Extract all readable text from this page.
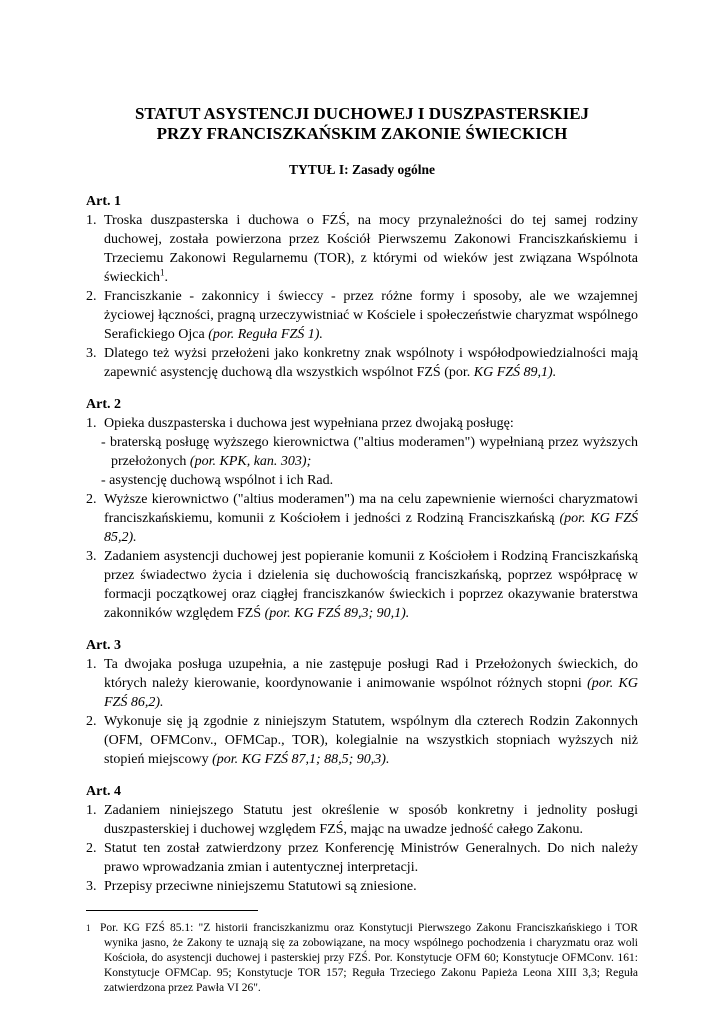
STATUT ASYSTENCJI DUCHOWEJ I DUSZPASTERSKIEJ
PRZY FRANCISZKAŃSKIM ZAKONIE ŚWIECKICH
TYTUŁ I: Zasady ogólne
Art. 1
1. Troska duszpasterska i duchowa o FZŚ, na mocy przynależności do tej samej rodziny duchowej, została powierzona przez Kościół Pierwszemu Zakonowi Franciszkańskiemu i Trzeciemu Zakonowi Regularnemu (TOR), z którymi od wieków jest związana Wspólnota świeckich$^1$.
2. Franciszkanie - zakonnicy i świeccy - przez różne formy i sposoby, ale we wzajemnej życiowej łączności, pragną urzeczywistniać w Kościele i społeczeństwie charyzmat wspólnego Serafickiego Ojca (por. Reguła FZŚ 1).
3. Dlatego też wyżsi przełożeni jako konkretny znak wspólnoty i współodpowiedzialności mają zapewnić asystencję duchową dla wszystkich wspólnot FZŚ (por. KG FZŚ 89,1).
Art. 2
1. Opieka duszpasterska i duchowa jest wypełniana przez dwojaką posługę:
- braterską posługę wyższego kierownictwa ("altius moderamen") wypełnianą przez wyższych przełożonych (por. KPK, kan. 303);
- asystencję duchową wspólnot i ich Rad.
2. Wyższe kierownictwo ("altius moderamen") ma na celu zapewnienie wierności charyzmatowi franciszkańskiemu, komunii z Kościołem i jedności z Rodziną Franciszkańską (por. KG FZŚ 85,2).
3. Zadaniem asystencji duchowej jest popieranie komunii z Kościołem i Rodziną Franciszkańską przez świadectwo życia i dzielenia się duchowością franciszkańską, poprzez współpracę w formacji początkowej oraz ciągłej franciszkanów świeckich i poprzez okazywanie braterstwa zakonników względem FZŚ (por. KG FZŚ 89,3; 90,1).
Art. 3
1. Ta dwojaka posługa uzupełnia, a nie zastępuje posługi Rad i Przełożonych świeckich, do których należy kierowanie, koordynowanie i animowanie wspólnot różnych stopni (por. KG FZŚ 86,2).
2. Wykonuje się ją zgodnie z niniejszym Statutem, wspólnym dla czterech Rodzin Zakonnych (OFM, OFMConv., OFMCap., TOR), kolegialnie na wszystkich stopniach wyższych niż stopień miejscowy (por. KG FZŚ 87,1; 88,5; 90,3).
Art. 4
1. Zadaniem niniejszego Statutu jest określenie w sposób konkretny i jednolity posługi duszpasterskiej i duchowej względem FZŚ, mając na uwadze jedność całego Zakonu.
2. Statut ten został zatwierdzony przez Konferencję Ministrów Generalnych. Do nich należy prawo wprowadzania zmian i autentycznej interpretacji.
3. Przepisy przeciwne niniejszemu Statutowi są zniesione.
1 Por. KG FZŚ 85.1: "Z historii franciszkanizmu oraz Konstytucji Pierwszego Zakonu Franciszkańskiego i TOR wynika jasno, że Zakony te uznają się za zobowiązane, na mocy wspólnego pochodzenia i charyzmatu oraz woli Kościoła, do asystencji duchowej i pasterskiej przy FZŚ. Por. Konstytucje OFM 60; Konstytucje OFMConv. 161: Konstytucje OFMCap. 95; Konstytucje TOR 157; Reguła Trzeciego Zakonu Papieża Leona XIII 3,3; Reguła zatwierdzona przez Pawła VI 26".
